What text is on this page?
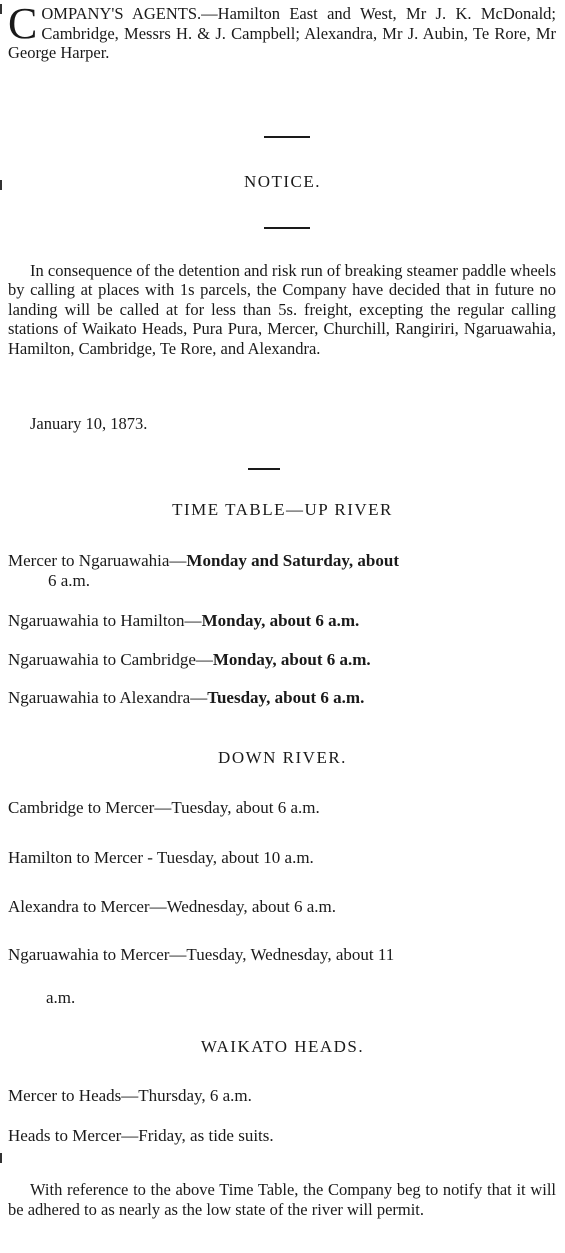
COMPANY'S AGENTS.—Hamilton East and West, Mr J. K. McDonald; Cambridge, Messrs H. & J. Campbell; Alexandra, Mr J. Aubin, Te Rore, Mr George Harper.
NOTICE.
In consequence of the detention and risk run of breaking steamer paddle wheels by calling at places with 1s parcels, the Company have decided that in future no landing will be called at for less than 5s. freight, excepting the regular calling stations of Waikato Heads, Pura Pura, Mercer, Churchill, Rangiriri, Ngaruawahia, Hamilton, Cambridge, Te Rore, and Alexandra.
January 10, 1873.
TIME TABLE—UP RIVER
Mercer to Ngaruawahia—Monday and Saturday, about
6 a.m.
Ngaruawahia to Hamilton—Monday, about 6 a.m.
Ngaruawahia to Cambridge—Monday, about 6 a.m.
Ngaruawahia to Alexandra—Tuesday, about 6 a.m.
DOWN RIVER.
Cambridge to Mercer—Tuesday, about 6 a.m.
Hamilton to Mercer - Tuesday, about 10 a.m.
Alexandra to Mercer—Wednesday, about 6 a.m.
Ngaruawahia to Mercer—Tuesday, Wednesday, about 11
a.m.
WAIKATO HEADS.
Mercer to Heads—Thursday, 6 a.m.
Heads to Mercer—Friday, as tide suits.
With reference to the above Time Table, the Company beg to notify that it will be adhered to as nearly as the low state of the river will permit.
